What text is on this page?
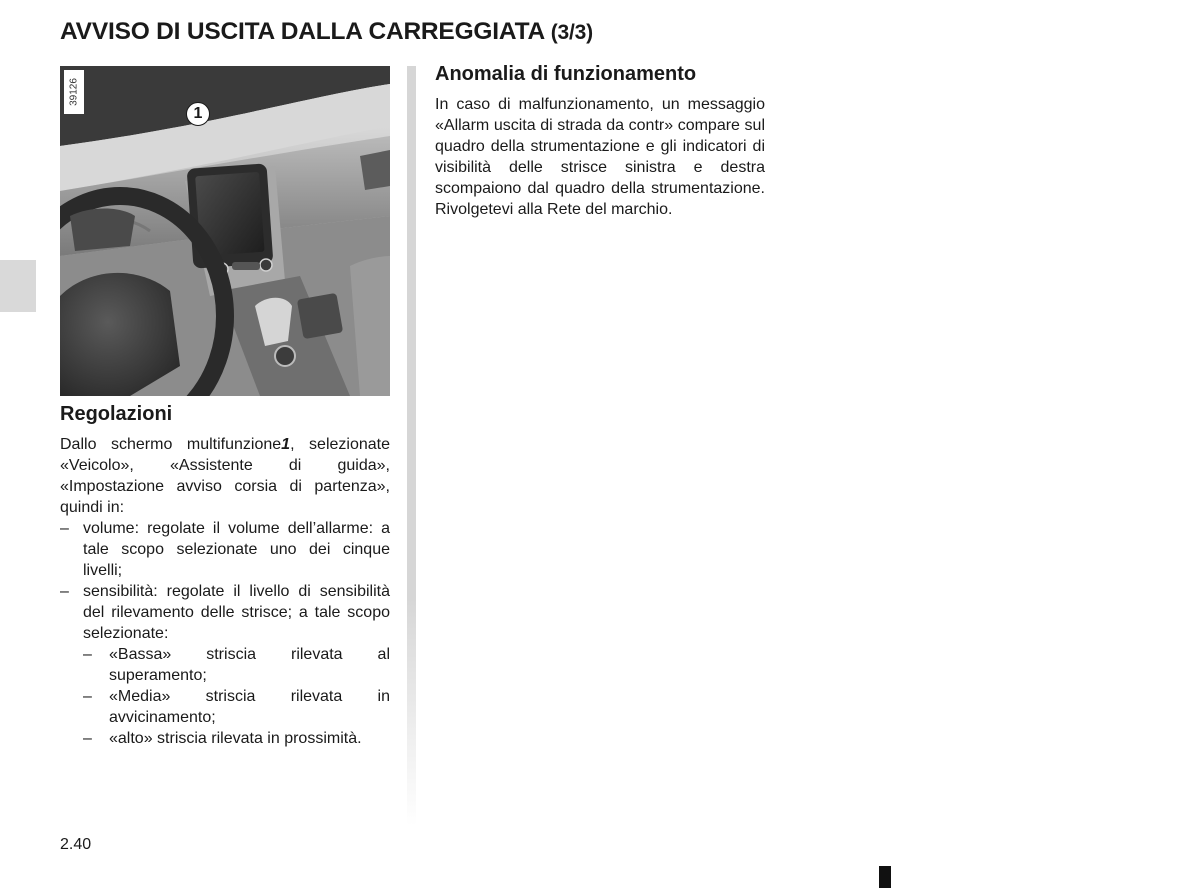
AVVISO DI USCITA DALLA CARREGGIATA (3/3)
39126
1
Regolazioni

Dallo schermo multifunzione1, selezionate «Veicolo», «Assistente di guida», «Impostazione avviso corsia di partenza», quindi in:

– volume: regolate il volume dell’allarme: a tale scopo selezionate uno dei cinque livelli;
– sensibilità: regolate il livello di sensibilità del rilevamento delle strisce; a tale scopo selezionate:
– «Bassa» striscia rilevata al superamento;
– «Media» striscia rilevata in avvicinamento;
– «alto» striscia rilevata in prossimità.
Anomalia di funzionamento

In caso di malfunzionamento, un messaggio «Allarm uscita di strada da contr» compare sul quadro della strumentazione e gli indicatori di visibilità delle strisce sinistra e destra scompaiono dal quadro della strumentazione. Rivolgetevi alla Rete del marchio.

2.40
